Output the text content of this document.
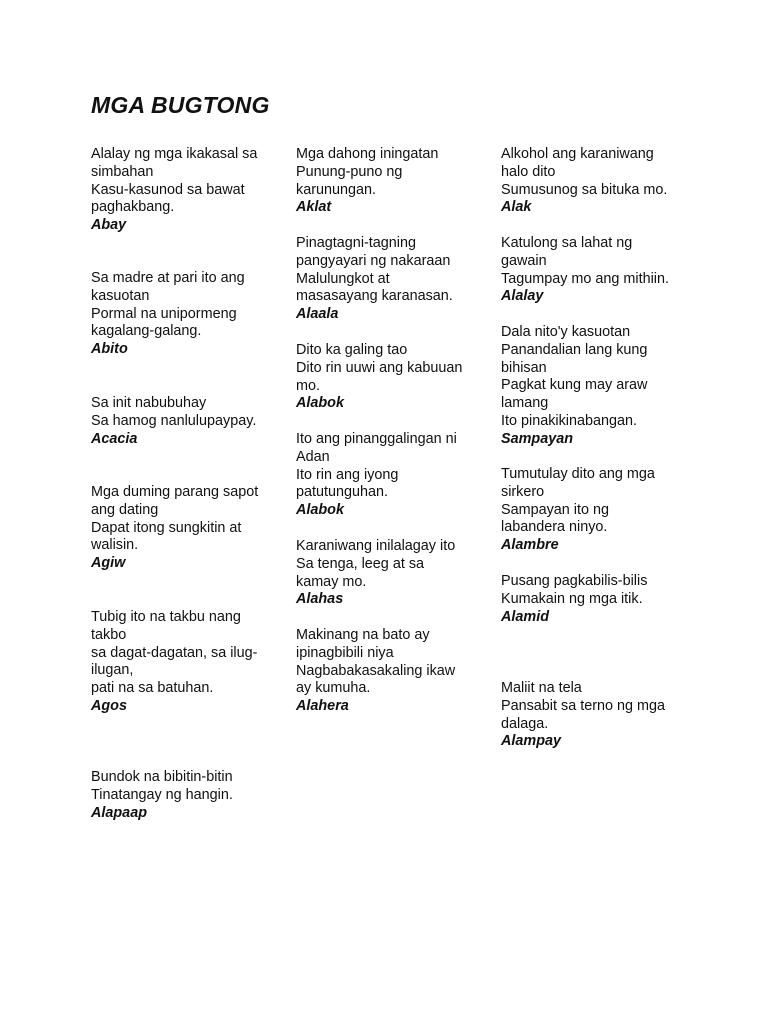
MGA BUGTONG
Alalay ng mga ikakasal sa
simbahan
Kasu-kasunod sa bawat
paghakbang.
Abay
Sa madre at pari ito ang
kasuotan
Pormal na unipormeng
kagalang-galang.
Abito
Sa init nabubuhay
Sa hamog nanlulupaypay.
Acacia
Mga duming parang sapot
ang dating
Dapat itong sungkitin at
walisin.
Agiw
Tubig ito na takbu nang
takbo
sa dagat-dagatan, sa ilug-
ilugan,
pati na sa batuhan.
Agos
Bundok na bibitin-bitin
Tinatangay ng hangin.
Alapaap
Mga dahong iningatan
Punung-puno ng
karunungan.
Aklat
Pinagtagni-tagning
pangyayari ng nakaraan
Malulungkot at
masasayang karanasan.
Alaala
Dito ka galing tao
Dito rin uuwi ang kabuuan
mo.
Alabok
Ito ang pinanggalingan ni
Adan
Ito rin ang iyong
patutunguhan.
Alabok
Karaniwang inilalagay ito
Sa tenga, leeg at sa
kamay mo.
Alahas
Makinang na bato ay
ipinagbibili niya
Nagbabakasakaling ikaw
ay kumuha.
Alahera
Alkohol ang karaniwang
halo dito
Sumusunog sa bituka mo.
Alak
Katulong sa lahat ng
gawain
Tagumpay mo ang mithiin.
Alalay
Dala nito'y kasuotan
Panandalian lang kung
bihisan
Pagkat kung may araw
lamang
Ito pinakikinabangan.
Sampayan
Tumutulay dito ang mga
sirkero
Sampayan ito ng
labandera ninyo.
Alambre
Pusang pagkabilis-bilis
Kumakain ng mga itik.
Alamid
Maliit na tela
Pansabit sa terno ng mga
dalaga.
Alampay
